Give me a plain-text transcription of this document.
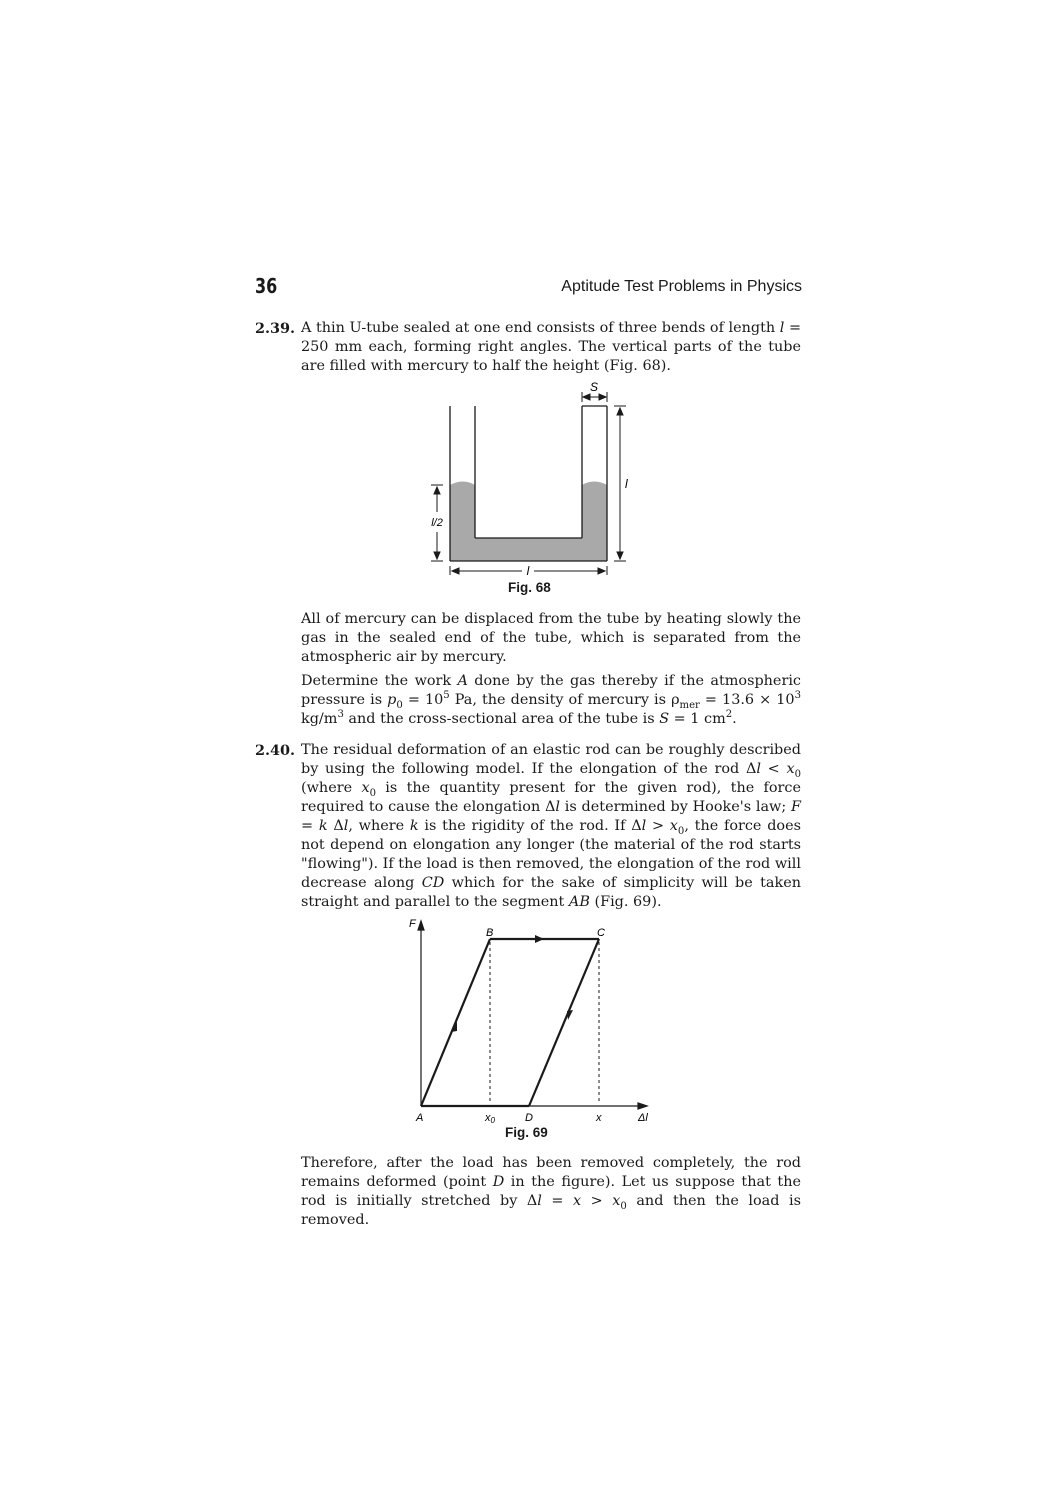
36	Aptitude Test Problems in Physics
2.39. A thin U-tube sealed at one end consists of three bends of length l = 250 mm each, forming right angles. The vertical parts of the tube are filled with mercury to half the height (Fig. 68).

S
l
l/2
l
Fig. 68

All of mercury can be displaced from the tube by heating slowly the gas in the sealed end of the tube, which is separated from the atmospheric air by mercury.

Determine the work A done by the gas thereby if the atmospheric pressure is $p_0 = 10^5$ Pa, the density of mercury is $\rho_{mer} = 13.6 \times 10^3$ $kg/m^3$ and the cross-sectional area of the tube is S = 1 $cm^2$.

2.40. The residual deformation of an elastic rod can be roughly described by using the following model. If the elongation of the rod $\Delta l < x_0$ (where $x_0$ is the quantity present for the given rod), the force required to cause the elongation Δl is determined by Hooke's law; F = k Δl, where k is the rigidity of the rod. If $\Delta l > x_0$, the force does not depend on elongation any longer (the material of the rod starts "flowing"). If the load is then removed, the elongation of the rod will decrease along CD which for the sake of simplicity will be taken straight and parallel to the segment AB (Fig. 69).

F
Δl
A
B	C
D
x0	x
Fig. 69

Therefore, after the load has been removed completely, the rod remains deformed (point D in the figure). Let us suppose that the rod is initially stretched by $\Delta l = x > x_0$ and then the load is removed.
